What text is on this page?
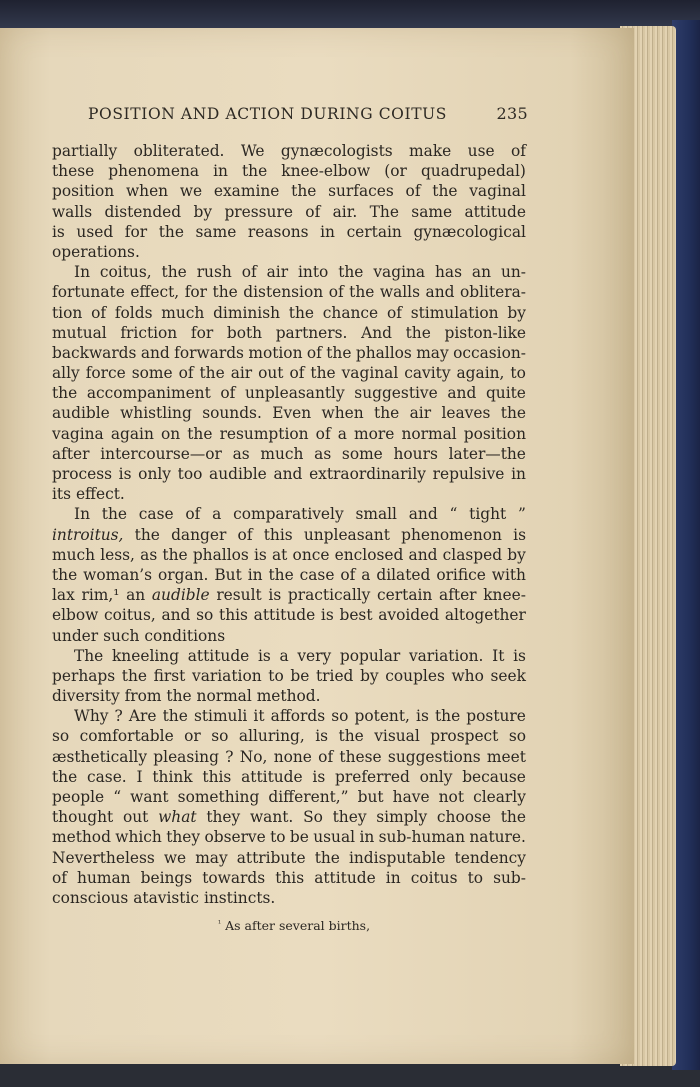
POSITION AND ACTION DURING COITUS	235
partially obliterated. We gynæcologists make use of
these phenomena in the knee-elbow (or quadrupedal)
position when we examine the surfaces of the vaginal
walls distended by pressure of air. The same attitude
is used for the same reasons in certain gynæcological
operations.
In coitus, the rush of air into the vagina has an un-
fortunate effect, for the distension of the walls and oblitera-
tion of folds much diminish the chance of stimulation by
mutual friction for both partners. And the piston-like
backwards and forwards motion of the phallos may occasion-
ally force some of the air out of the vaginal cavity again, to
the accompaniment of unpleasantly suggestive and quite
audible whistling sounds. Even when the air leaves the
vagina again on the resumption of a more normal position
after intercourse—or as much as some hours later—the
process is only too audible and extraordinarily repulsive in
its effect.
In the case of a comparatively small and “ tight ”
introitus, the danger of this unpleasant phenomenon is
much less, as the phallos is at once enclosed and clasped by
the woman’s organ. But in the case of a dilated orifice with
lax rim,¹ an audible result is practically certain after knee-
elbow coitus, and so this attitude is best avoided altogether
under such conditions
The kneeling attitude is a very popular variation. It is
perhaps the first variation to be tried by couples who seek
diversity from the normal method.
Why ? Are the stimuli it affords so potent, is the posture
so comfortable or so alluring, is the visual prospect so
æsthetically pleasing ? No, none of these suggestions meet
the case. I think this attitude is preferred only because
people “ want something different,” but have not clearly
thought out what they want. So they simply choose the
method which they observe to be usual in sub-human nature.
Nevertheless we may attribute the indisputable tendency
of human beings towards this attitude in coitus to sub-
conscious atavistic instincts.
$^{^1}$ As after several births,
